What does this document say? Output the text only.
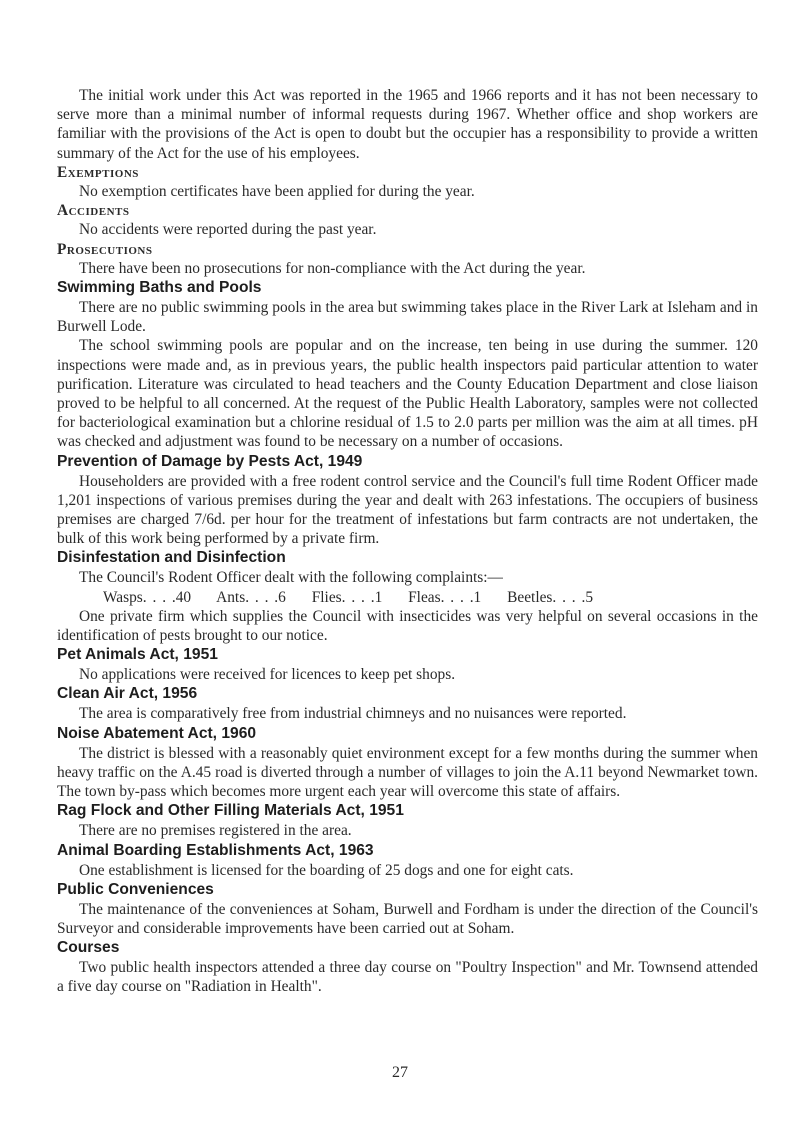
The initial work under this Act was reported in the 1965 and 1966 reports and it has not been necessary to serve more than a minimal number of informal requests during 1967. Whether office and shop workers are familiar with the provisions of the Act is open to doubt but the occupier has a responsibility to provide a written summary of the Act for the use of his employees.

Exemptions

No exemption certificates have been applied for during the year.

Accidents

No accidents were reported during the past year.

Prosecutions

There have been no prosecutions for non-compliance with the Act during the year.

Swimming Baths and Pools

There are no public swimming pools in the area but swimming takes place in the River Lark at Isleham and in Burwell Lode.

The school swimming pools are popular and on the increase, ten being in use during the summer. 120 inspections were made and, as in previous years, the public health inspectors paid particular attention to water purification. Literature was circulated to head teachers and the County Education Department and close liaison proved to be helpful to all concerned. At the request of the Public Health Laboratory, samples were not collected for bacteriological examination but a chlorine residual of 1.5 to 2.0 parts per million was the aim at all times. pH was checked and adjustment was found to be necessary on a number of occasions.

Prevention of Damage by Pests Act, 1949

Householders are provided with a free rodent control service and the Council's full time Rodent Officer made 1,201 inspections of various premises during the year and dealt with 263 infestations. The occupiers of business premises are charged 7/6d. per hour for the treatment of infestations but farm contracts are not undertaken, the bulk of this work being performed by a private firm.

Disinfestation and Disinfection

The Council's Rodent Officer dealt with the following complaints:—

Wasps. . . .40 Ants. . . .6 Flies. . . .1 Fleas. . . .1 Beetles. . . .5

One private firm which supplies the Council with insecticides was very helpful on several occasions in the identification of pests brought to our notice.

Pet Animals Act, 1951

No applications were received for licences to keep pet shops.

Clean Air Act, 1956

The area is comparatively free from industrial chimneys and no nuisances were reported.

Noise Abatement Act, 1960

The district is blessed with a reasonably quiet environment except for a few months during the summer when heavy traffic on the A.45 road is diverted through a number of villages to join the A.11 beyond Newmarket town. The town by-pass which becomes more urgent each year will overcome this state of affairs.

Rag Flock and Other Filling Materials Act, 1951

There are no premises registered in the area.

Animal Boarding Establishments Act, 1963

One establishment is licensed for the boarding of 25 dogs and one for eight cats.

Public Conveniences

The maintenance of the conveniences at Soham, Burwell and Fordham is under the direction of the Council's Surveyor and considerable improvements have been carried out at Soham.

Courses

Two public health inspectors attended a three day course on "Poultry Inspection" and Mr. Townsend attended a five day course on "Radiation in Health".

27
